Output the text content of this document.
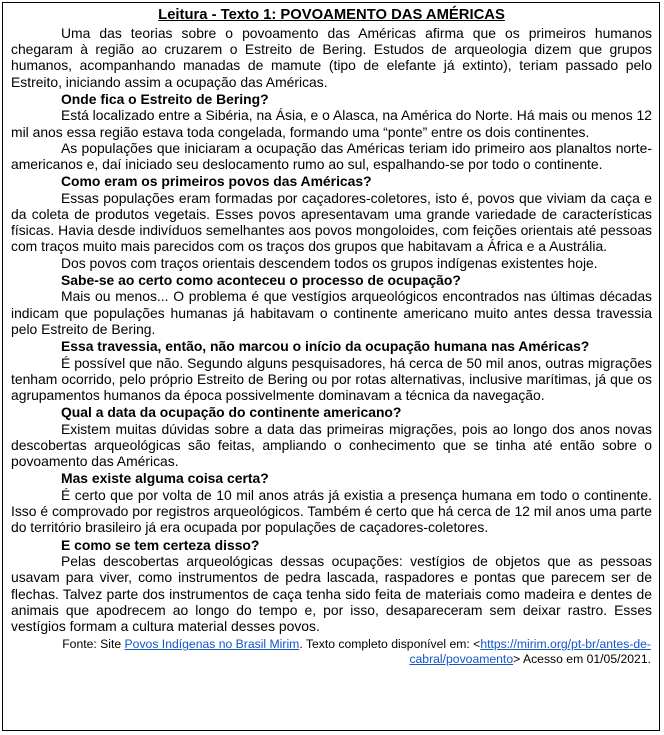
Leitura - Texto 1: POVOAMENTO DAS AMÉRICAS

Uma das teorias sobre o povoamento das Américas afirma que os primeiros humanos chegaram à região ao cruzarem o Estreito de Bering. Estudos de arqueologia dizem que grupos humanos, acompanhando manadas de mamute (tipo de elefante já extinto), teriam passado pelo Estreito, iniciando assim a ocupação das Américas.

Onde fica o Estreito de Bering?

Está localizado entre a Sibéria, na Ásia, e o Alasca, na América do Norte. Há mais ou menos 12 mil anos essa região estava toda congelada, formando uma “ponte” entre os dois continentes.

As populações que iniciaram a ocupação das Américas teriam ido primeiro aos planaltos norte-americanos e, daí iniciado seu deslocamento rumo ao sul, espalhando-se por todo o continente.

Como eram os primeiros povos das Américas?

Essas populações eram formadas por caçadores-coletores, isto é, povos que viviam da caça e da coleta de produtos vegetais. Esses povos apresentavam uma grande variedade de características físicas. Havia desde indivíduos semelhantes aos povos mongoloides, com feições orientais até pessoas com traços muito mais parecidos com os traços dos grupos que habitavam a África e a Austrália.

Dos povos com traços orientais descendem todos os grupos indígenas existentes hoje.

Sabe-se ao certo como aconteceu o processo de ocupação?

Mais ou menos... O problema é que vestígios arqueológicos encontrados nas últimas décadas indicam que populações humanas já habitavam o continente americano muito antes dessa travessia pelo Estreito de Bering.

Essa travessia, então, não marcou o início da ocupação humana nas Américas?

É possível que não. Segundo alguns pesquisadores, há cerca de 50 mil anos, outras migrações tenham ocorrido, pelo próprio Estreito de Bering ou por rotas alternativas, inclusive marítimas, já que os agrupamentos humanos da época possivelmente dominavam a técnica da navegação.

Qual a data da ocupação do continente americano?

Existem muitas dúvidas sobre a data das primeiras migrações, pois ao longo dos anos novas descobertas arqueológicas são feitas, ampliando o conhecimento que se tinha até então sobre o povoamento das Américas.

Mas existe alguma coisa certa?

É certo que por volta de 10 mil anos atrás já existia a presença humana em todo o continente. Isso é comprovado por registros arqueológicos. Também é certo que há cerca de 12 mil anos uma parte do território brasileiro já era ocupada por populações de caçadores-coletores.

E como se tem certeza disso?

Pelas descobertas arqueológicas dessas ocupações: vestígios de objetos que as pessoas usavam para viver, como instrumentos de pedra lascada, raspadores e pontas que parecem ser de flechas. Talvez parte dos instrumentos de caça tenha sido feita de materiais como madeira e dentes de animais que apodrecem ao longo do tempo e, por isso, desapareceram sem deixar rastro. Esses vestígios formam a cultura material desses povos.

Fonte: Site Povos Indígenas no Brasil Mirim. Texto completo disponível em: <https://mirim.org/pt-br/antes-de-cabral/povoamento> Acesso em 01/05/2021.
